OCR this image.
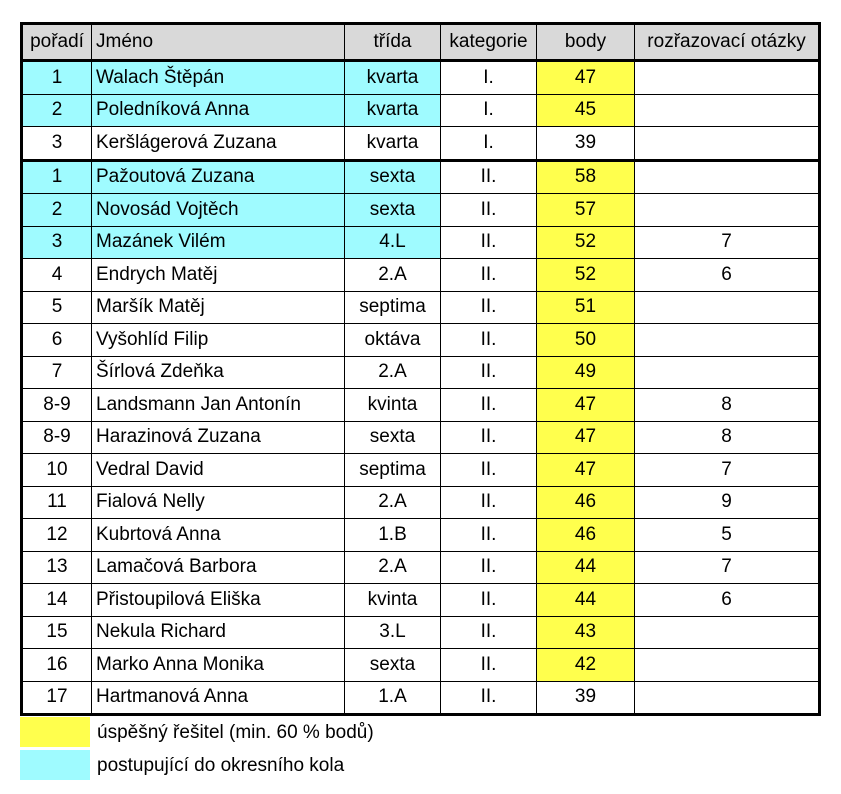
pořadí	Jméno	třída	kategorie	body	rozřazovací otázky
1	Walach Štěpán	kvarta	I.	47	
2	Poledníková Anna	kvarta	I.	45	
3	Keršlágerová Zuzana	kvarta	I.	39	
1	Pažoutová Zuzana	sexta	II.	58	
2	Novosád Vojtěch	sexta	II.	57	
3	Mazánek Vilém	4.L	II.	52	7
4	Endrych Matěj	2.A	II.	52	6
5	Maršík Matěj	septima	II.	51	
6	Vyšohlíd Filip	oktáva	II.	50	
7	Šírlová Zdeňka	2.A	II.	49	
8-9	Landsmann Jan Antonín	kvinta	II.	47	8
8-9	Harazinová Zuzana	sexta	II.	47	8
10	Vedral David	septima	II.	47	7
11	Fialová Nelly	2.A	II.	46	9
12	Kubrtová Anna	1.B	II.	46	5
13	Lamačová Barbora	2.A	II.	44	7
14	Přistoupilová Eliška	kvinta	II.	44	6
15	Nekula Richard	3.L	II.	43	
16	Marko Anna Monika	sexta	II.	42	
17	Hartmanová Anna	1.A	II.	39	
úspěšný řešitel (min. 60 % bodů)
postupující do okresního kola
